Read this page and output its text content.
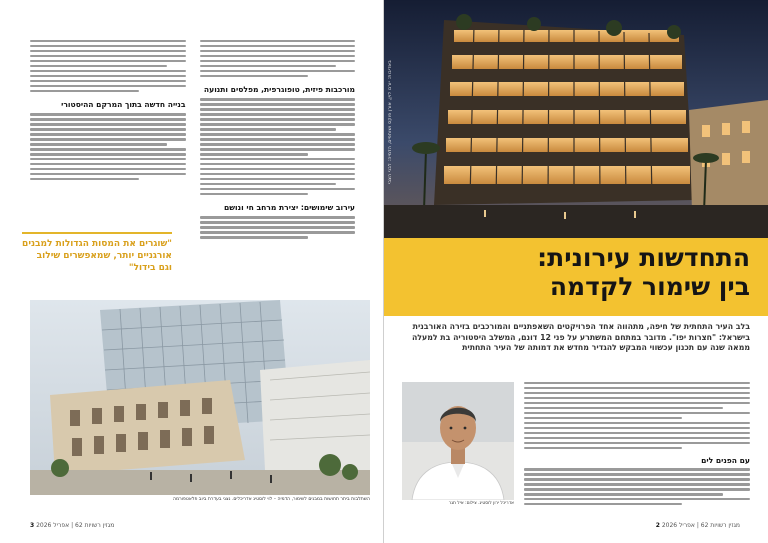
מורכבות פיזית, טופוגרפית, מפלסים ותנועה
עירוב שימושים: יצירת מרחב חי ונושם
בנייה חדשה בתוך המרקם ההיסטורי

"שוגרים את המסות הגדולות למבנים אורגניים יותר, שמאפשרים שילוב וגם בידול"

השתלבות ביתר תחושות במבנים לשימור, הדמיה – לוי לוסטיג אדריכלים. נצגי בעדרת ביוב פלאטפורמה
3 מגזין רשויות 62 | אפריל 2026
באדיבות: יורם לוין, אורן פוקס ושותפים, הדמיה: לבני הצבי
התחדשות עירונית:
בין שימור לקדמה
בלב העיר התחתית של חיפה, מתהווה אחד הפרויקטים השאפתניים והמורכבים בזירה האורבנית בישראל: "חצרות יפו". מדובר במתחם המשתרע על פני 12 דונם, המשלב היסטוריה בת למעלה ממאה שנה עם תכנון עכשווי המבקש להגדיר מחדש את דמותה של העיר התחתית
אדריכל ירון לוסטיג. צילום: איל תגר
עם הפנים לים
מגזין רשויות 62 | אפריל 2026 2
